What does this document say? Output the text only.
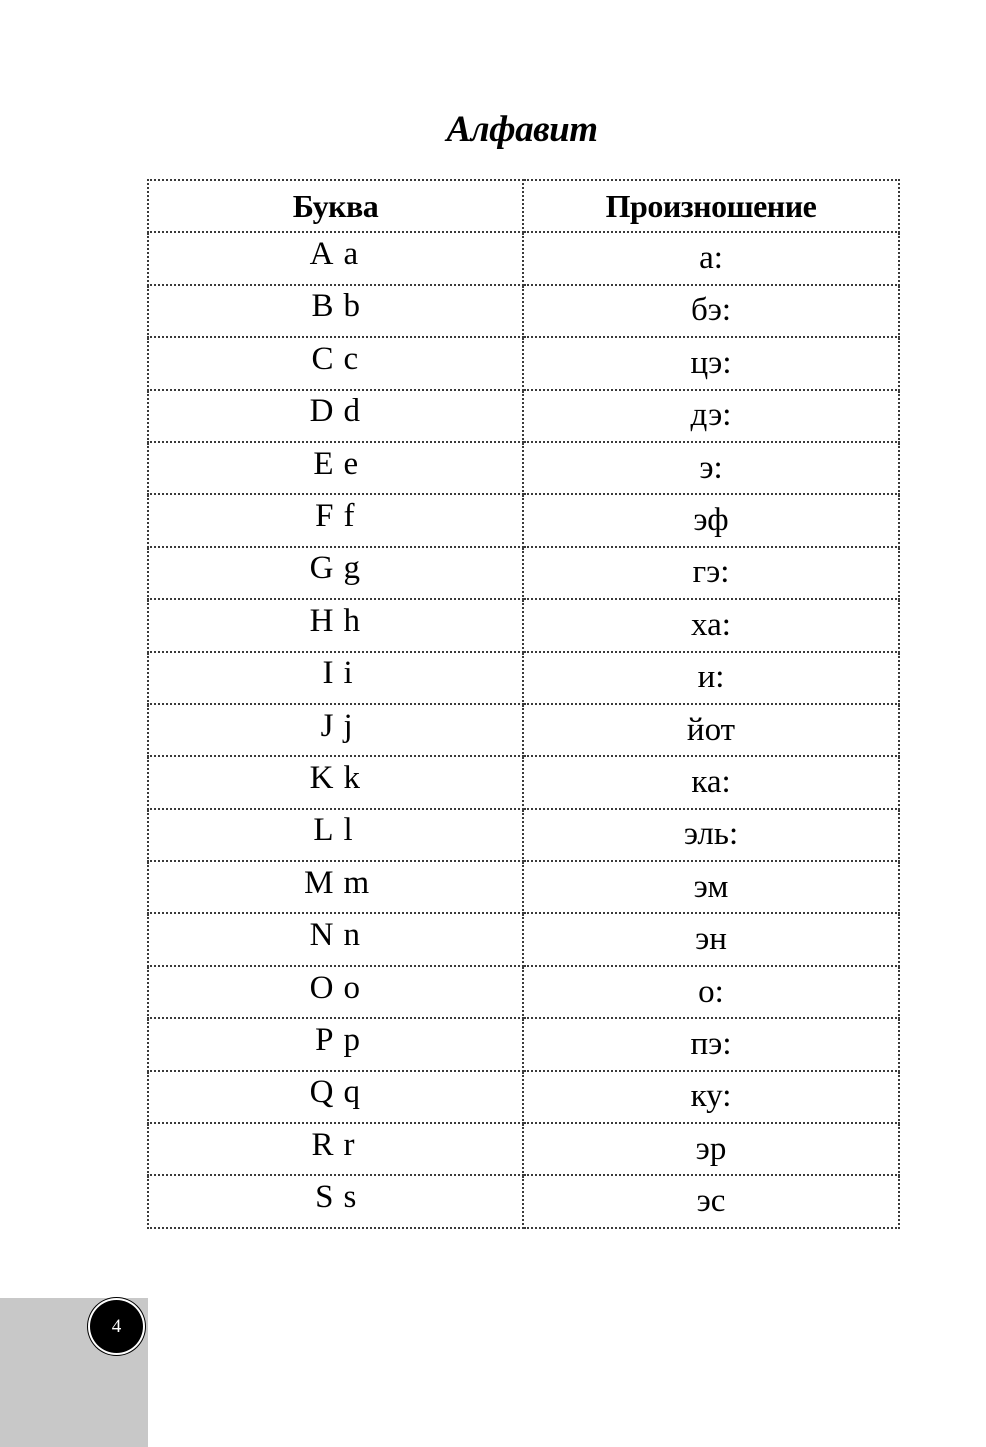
Алфавит
Буква	Произношение

A a	а:

B b	бэ:

C c	цэ:

D d	дэ:

E e	э:

F f	эф

G g	гэ:

H h	ха:

I i	и:

J j	йот

K k	ка:

L l	эль:

M m	эм

N n	эн

O o	о:

P p	пэ:

Q q	ку:

R r	эр

S s	эс
4
